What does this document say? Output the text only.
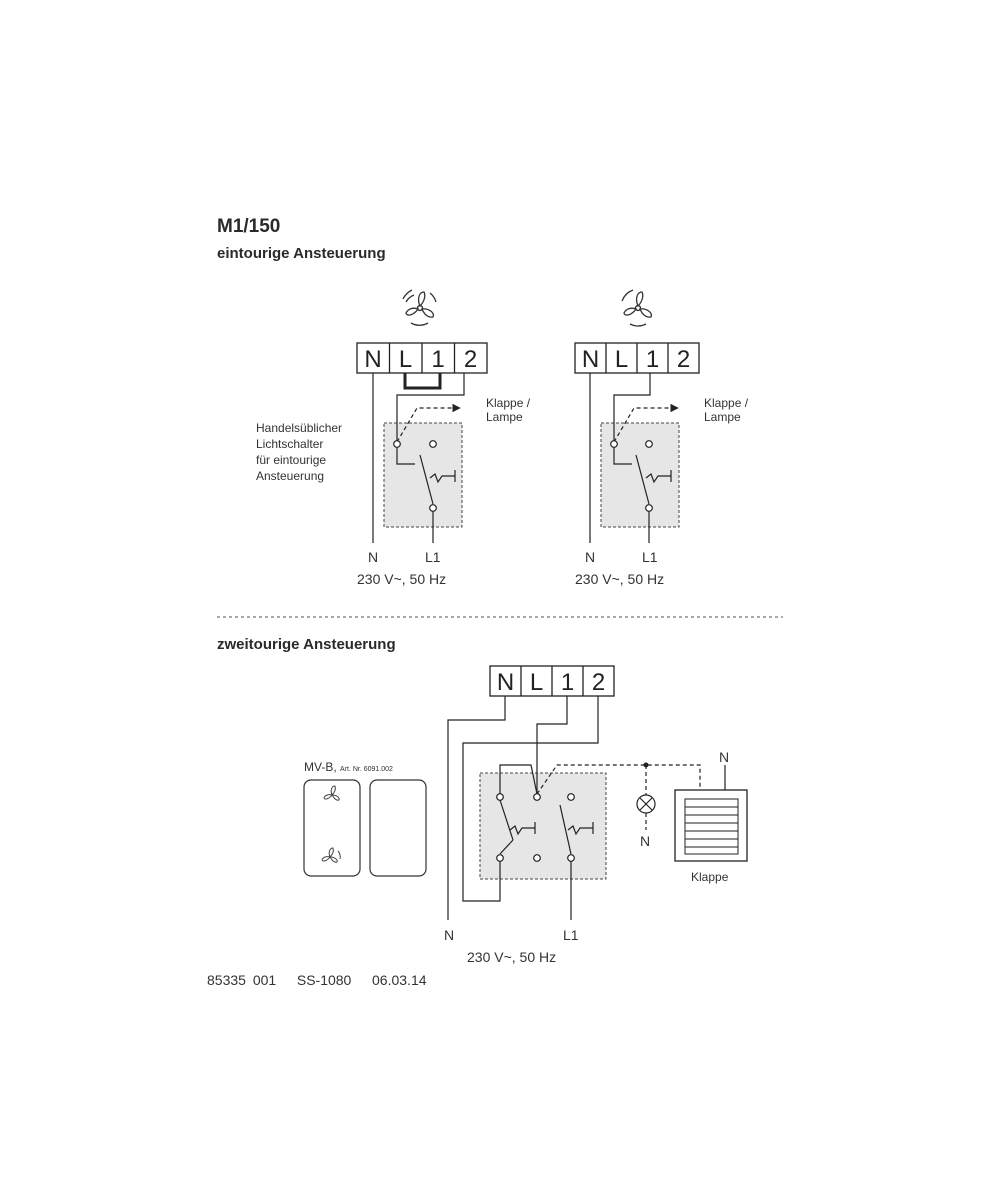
M1/150
eintourige Ansteuerung
zweitourige Ansteuerung
Handelsüblicher
Lichtschalter
für eintourige
Ansteuerung
Klappe /
Lampe
Klappe /
Lampe
N	L1
230 V~, 50 Hz
N	L1
230 V~, 50 Hz
MV-B, Art. Nr. 6091.002
N	L1
230 V~, 50 Hz
N
N
Klappe
85335 001 SS-1080 06.03.14
N L 1 2	N L 1 2
N L 1 2
